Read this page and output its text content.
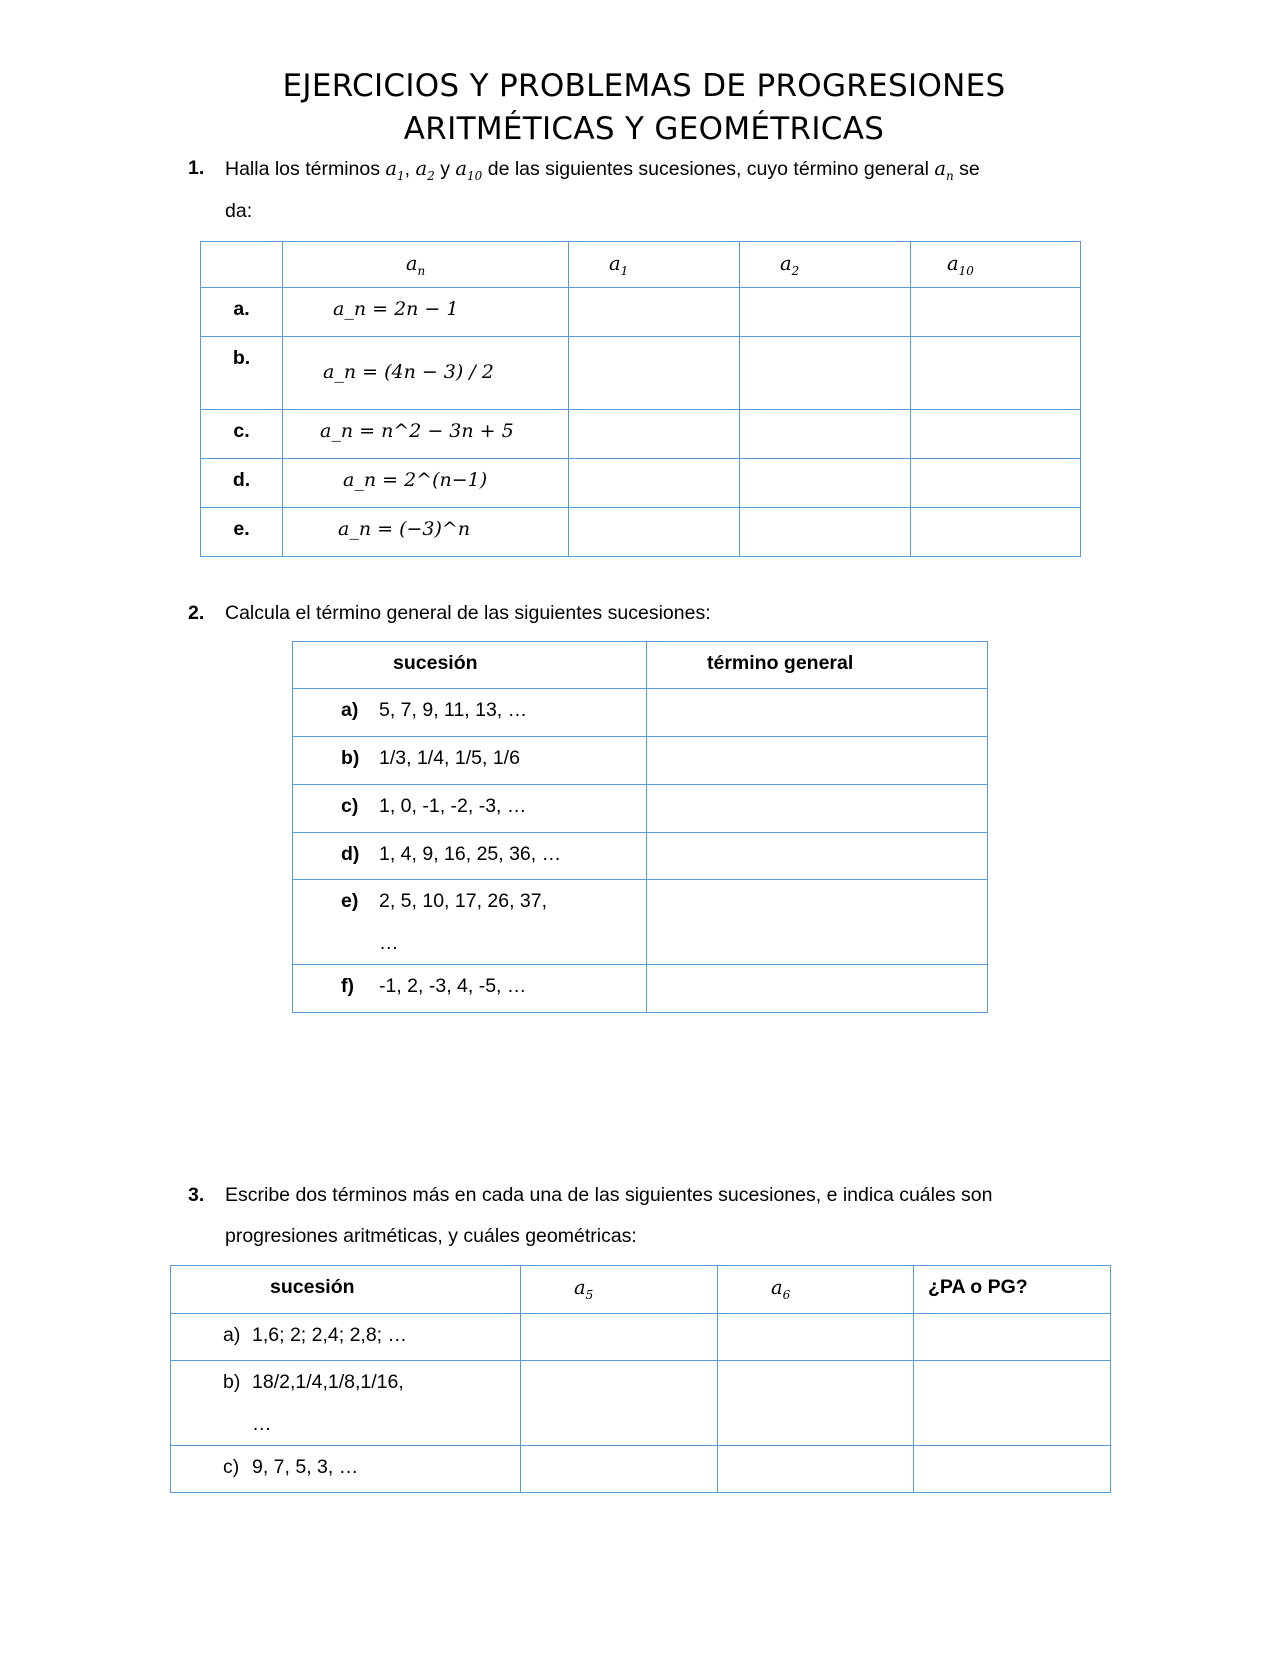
EJERCICIOS Y PROBLEMAS DE PROGRESIONES
ARITMÉTICAS Y GEOMÉTRICAS
1. Halla los términos $a_1$, $a_2$ y $a_{10}$ de las siguientes sucesiones, cuyo término general $a_n$ se
da:
	$a_n$	$a_1$	$a_2$	$a_{10}$
a.	a_n = 2n − 1			
b.	a_n = (4n − 3) / 2			
c.	a_n = n^2 − 3n + 5			
d.	a_n = 2^(n−1)			
e.	a_n = (−3)^n			
2. Calcula el término general de las siguientes sucesiones:
sucesión	término general
a) 5, 7, 9, 11, 13, …	
b) 1/3, 1/4, 1/5, 1/6	
c) 1, 0, -1, -2, -3, …	
d) 1, 4, 9, 16, 25, 36, …	
e) 2, 5, 10, 17, 26, 37,
…	
f) -1, 2, -3, 4, -5, …	
3. Escribe dos términos más en cada una de las siguientes sucesiones, e indica cuáles son
progresiones aritméticas, y cuáles geométricas:
sucesión	$a_5$	$a_6$	¿PA o PG?
a) 1,6; 2; 2,4; 2,8; …			
b) 18/2,1/4,1/8,1/16,
…			
c) 9, 7, 5, 3, …			
